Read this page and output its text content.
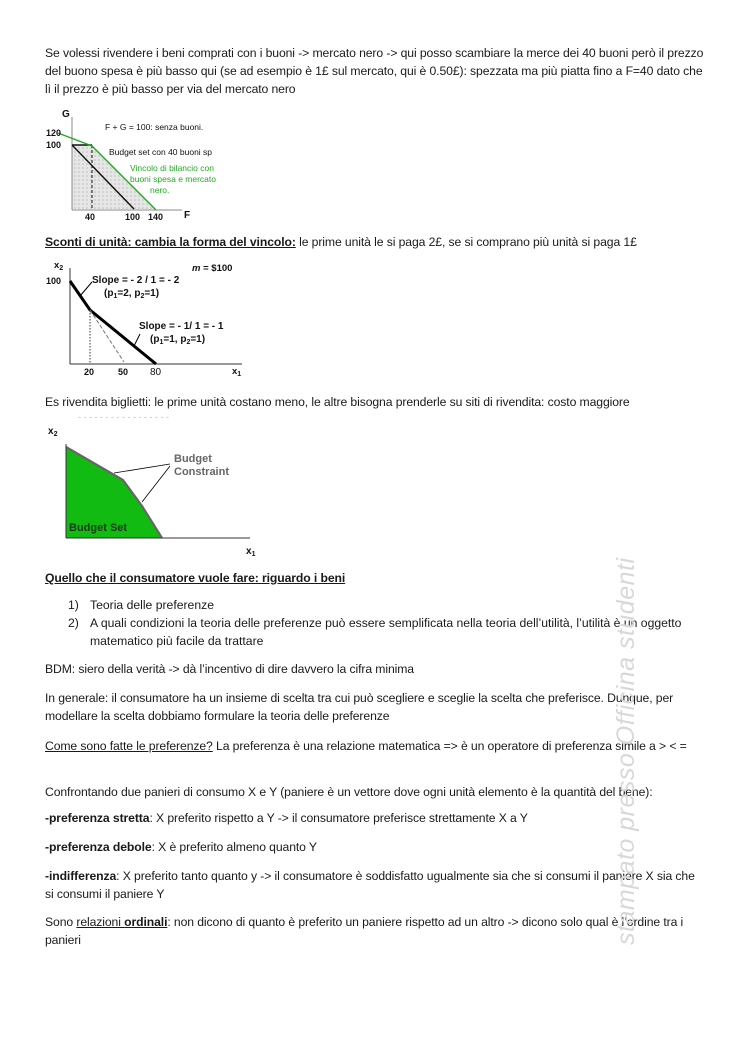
Se volessi rivendere i beni comprati con i buoni -> mercato nero -> qui posso scambiare la merce dei 40 buoni però il prezzo del buono spesa è più basso qui (se ad esempio è 1£ sul mercato, qui è 0.50£): spezzata ma più piatta fino a F=40 dato che lì il prezzo è più basso per via del mercato nero

G
120
100
40	100 140 F
F + G = 100: senza buoni.
Budget set con 40 buoni sp
Vincolo di bilancio con
buoni spesa e mercato
nero.

Sconti di unità: cambia la forma del vincolo: le prime unità le si paga 2£, se si comprano più unità si paga 1£

$x_2$
100
20	50 80	$x_1$
m = $100
Slope = - 2 / 1 = - 2
($p_1=2$, $p_2=1$)
Slope = - 1/ 1 = - 1
($p_1=1$, $p_2=1$)

Es rivendita biglietti: le prime unità costano meno, le altre bisogna prenderle su siti di rivendita: costo maggiore

- - - - - - - - - - - - - - - - -
$x_2$
$x_1$
Budget
Constraint
Budget Set

Quello che il consumatore vuole fare: riguardo i beni

1) Teoria delle preferenze
2) A quali condizioni la teoria delle preferenze può essere semplificata nella teoria dell’utilità, l’utilità è un oggetto matematico più facile da trattare

BDM: siero della verità -> dà l’incentivo di dire davvero la cifra minima

In generale: il consumatore ha un insieme di scelta tra cui può scegliere e sceglie la scelta che preferisce. Dunque, per modellare la scelta dobbiamo formulare la teoria delle preferenze

Come sono fatte le preferenze? La preferenza è una relazione matematica => è un operatore di preferenza simile a > < =

Confrontando due panieri di consumo X e Y (paniere è un vettore dove ogni unità elemento è la quantità del bene):

-preferenza stretta: X preferito rispetto a Y -> il consumatore preferisce strettamente X a Y

-preferenza debole: X è preferito almeno quanto Y

-indifferenza: X preferito tanto quanto y -> il consumatore è soddisfatto ugualmente sia che si consumi il paniere X sia che si consumi il paniere Y

Sono relazioni ordinali: non dicono di quanto è preferito un paniere rispetto ad un altro -> dicono solo qual è l’ordine tra i panieri	stampato presso Officina studenti
